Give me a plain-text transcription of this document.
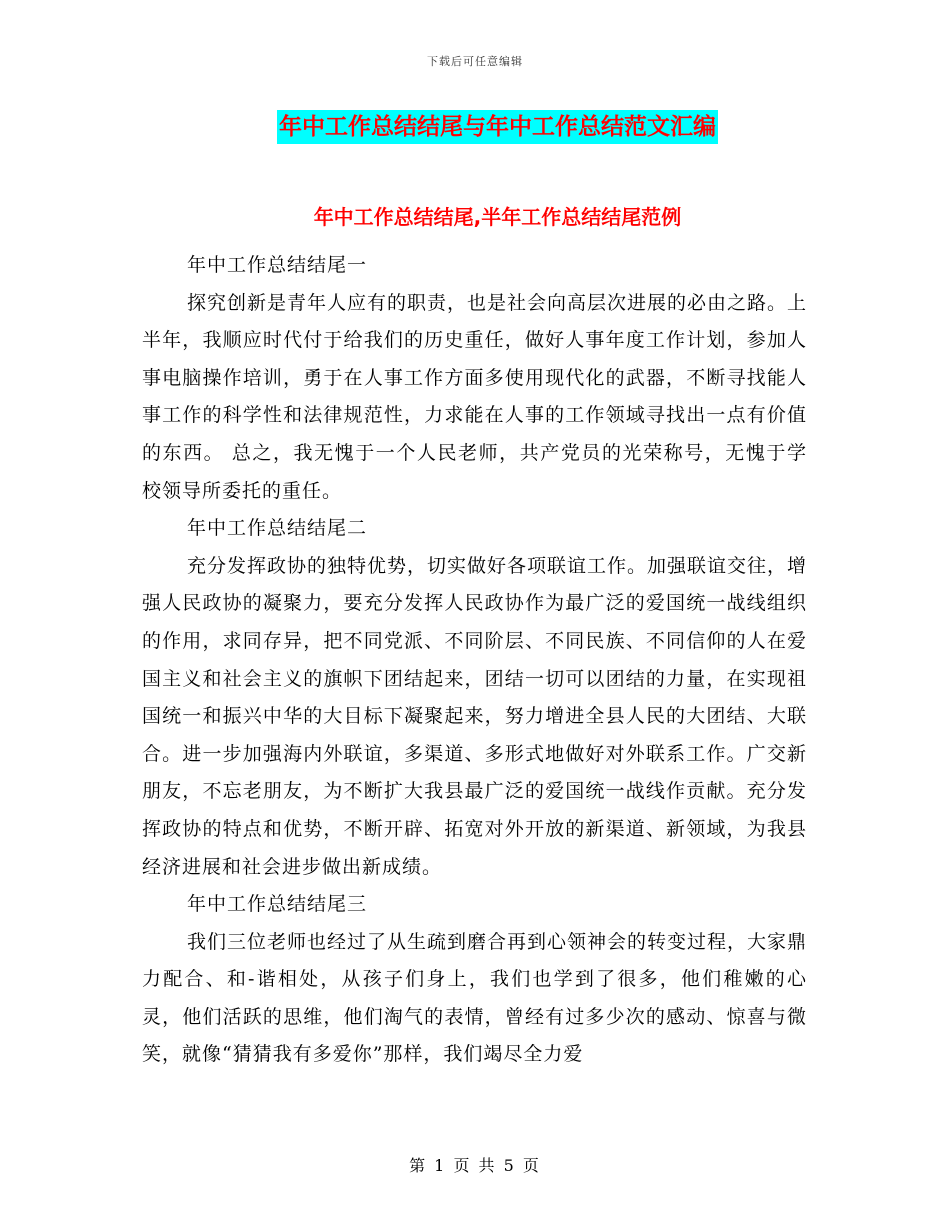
下载后可任意编辑
年中工作总结结尾与年中工作总结范文汇编
年中工作总结结尾,半年工作总结结尾范例

年中工作总结结尾一

探究创新是青年人应有的职责，也是社会向高层次进展的必由之路。上半年，我顺应时代付于给我们的历史重任，做好人事年度工作计划，参加人事电脑操作培训，勇于在人事工作方面多使用现代化的武器，不断寻找能人事工作的科学性和法律规范性，力求能在人事的工作领域寻找出一点有价值的东西。 总之，我无愧于一个人民老师，共产党员的光荣称号，无愧于学校领导所委托的重任。

年中工作总结结尾二

充分发挥政协的独特优势，切实做好各项联谊工作。加强联谊交往，增强人民政协的凝聚力，要充分发挥人民政协作为最广泛的爱国统一战线组织的作用，求同存异，把不同党派、不同阶层、不同民族、不同信仰的人在爱国主义和社会主义的旗帜下团结起来，团结一切可以团结的力量，在实现祖国统一和振兴中华的大目标下凝聚起来，努力增进全县人民的大团结、大联合。进一步加强海内外联谊，多渠道、多形式地做好对外联系工作。广交新朋友，不忘老朋友，为不断扩大我县最广泛的爱国统一战线作贡献。充分发挥政协的特点和优势，不断开辟、拓宽对外开放的新渠道、新领域，为我县经济进展和社会进步做出新成绩。

年中工作总结结尾三

我们三位老师也经过了从生疏到磨合再到心领神会的转变过程，大家鼎力配合、和-谐相处，从孩子们身上，我们也学到了很多，他们稚嫩的心灵，他们活跃的思维，他们淘气的表情，曾经有过多少次的感动、惊喜与微笑，就像“猜猜我有多爱你”那样，我们竭尽全力爱

第 1 页 共 5 页
